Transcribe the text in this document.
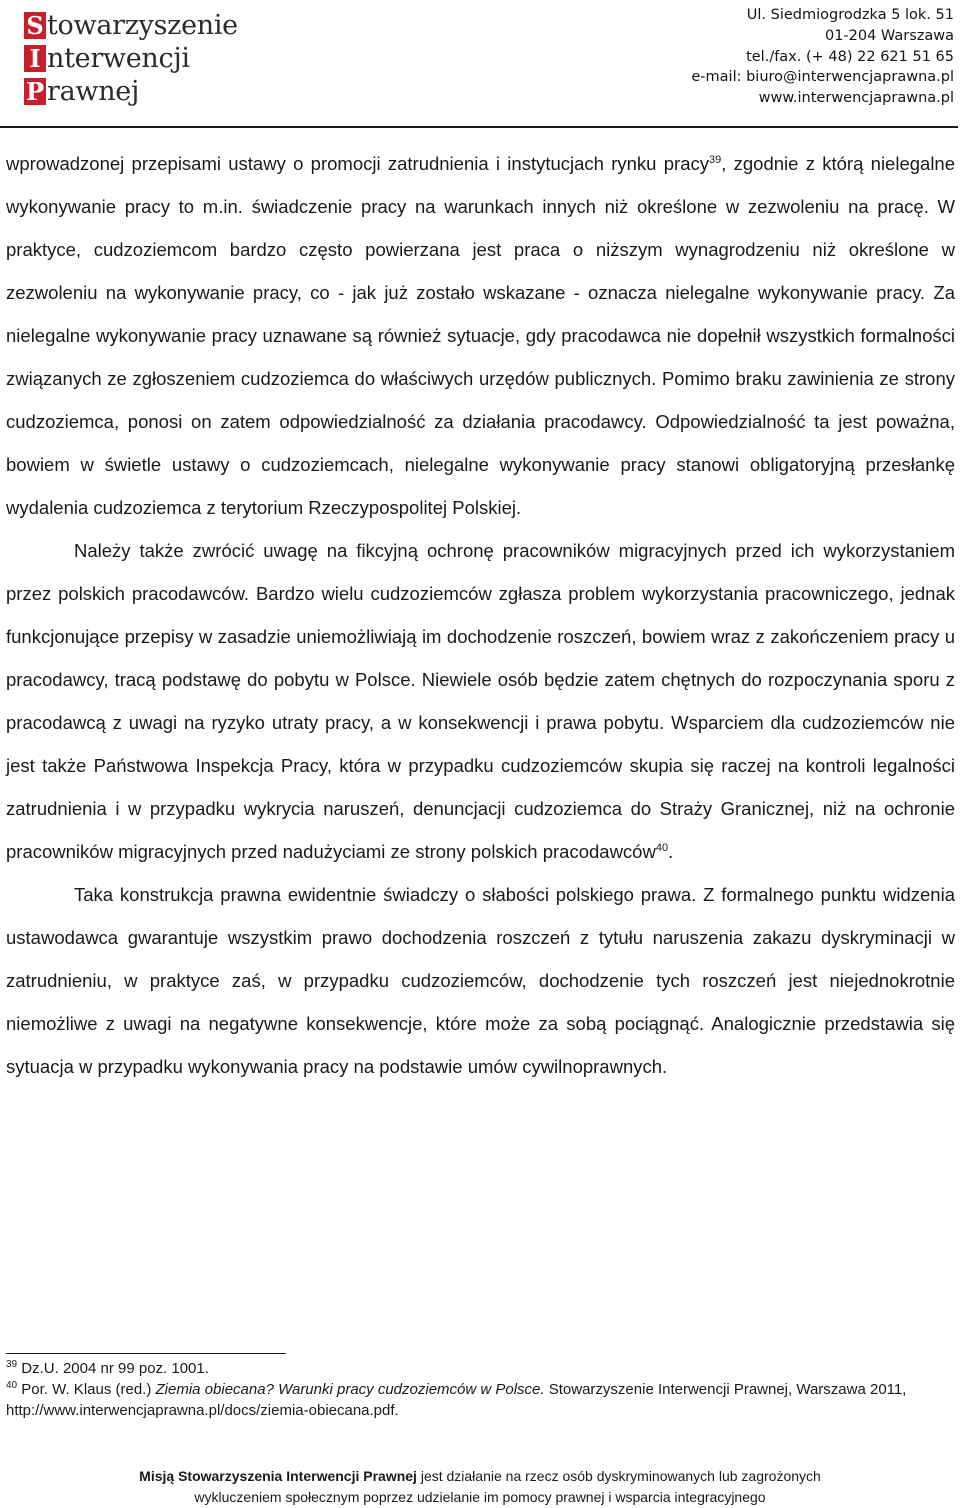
S towarzyszenie
I nterwencji
P rawnej
Ul. Siedmiogrodzka 5 lok. 51
01-204 Warszawa
tel./fax. (+ 48) 22 621 51 65
e-mail: biuro@interwencjaprawna.pl
www.interwencjaprawna.pl

wprowadzonej przepisami ustawy o promocji zatrudnienia i instytucjach rynku pracy$^{39}$, zgodnie z którą nielegalne wykonywanie pracy to m.in. świadczenie pracy na warunkach innych niż określone w zezwoleniu na pracę. W praktyce, cudzoziemcom bardzo często powierzana jest praca o niższym wynagrodzeniu niż określone w zezwoleniu na wykonywanie pracy, co - jak już zostało wskazane - oznacza nielegalne wykonywanie pracy. Za nielegalne wykonywanie pracy uznawane są również sytuacje, gdy pracodawca nie dopełnił wszystkich formalności związanych ze zgłoszeniem cudzoziemca do właściwych urzędów publicznych. Pomimo braku zawinienia ze strony cudzoziemca, ponosi on zatem odpowiedzialność za działania pracodawcy. Odpowiedzialność ta jest poważna, bowiem w świetle ustawy o cudzoziemcach, nielegalne wykonywanie pracy stanowi obligatoryjną przesłankę wydalenia cudzoziemca z terytorium Rzeczypospolitej Polskiej.

Należy także zwrócić uwagę na fikcyjną ochronę pracowników migracyjnych przed ich wykorzystaniem przez polskich pracodawców. Bardzo wielu cudzoziemców zgłasza problem wykorzystania pracowniczego, jednak funkcjonujące przepisy w zasadzie uniemożliwiają im dochodzenie roszczeń, bowiem wraz z zakończeniem pracy u pracodawcy, tracą podstawę do pobytu w Polsce. Niewiele osób będzie zatem chętnych do rozpoczynania sporu z pracodawcą z uwagi na ryzyko utraty pracy, a w konsekwencji i prawa pobytu. Wsparciem dla cudzoziemców nie jest także Państwowa Inspekcja Pracy, która w przypadku cudzoziemców skupia się raczej na kontroli legalności zatrudnienia i w przypadku wykrycia naruszeń, denuncjacji cudzoziemca do Straży Granicznej, niż na ochronie pracowników migracyjnych przed nadużyciami ze strony polskich pracodawców$^{40}$.

Taka konstrukcja prawna ewidentnie świadczy o słabości polskiego prawa. Z formalnego punktu widzenia ustawodawca gwarantuje wszystkim prawo dochodzenia roszczeń z tytułu naruszenia zakazu dyskryminacji w zatrudnieniu, w praktyce zaś, w przypadku cudzoziemców, dochodzenie tych roszczeń jest niejednokrotnie niemożliwe z uwagi na negatywne konsekwencje, które może za sobą pociągnąć. Analogicznie przedstawia się sytuacja w przypadku wykonywania pracy na podstawie umów cywilnoprawnych.

$^{39}$ Dz.U. 2004 nr 99 poz. 1001.

$^{40}$ Por. W. Klaus (red.) Ziemia obiecana? Warunki pracy cudzoziemców w Polsce. Stowarzyszenie Interwencji Prawnej, Warszawa 2011, http://www.interwencjaprawna.pl/docs/ziemia-obiecana.pdf.

Misją Stowarzyszenia Interwencji Prawnej jest działanie na rzecz osób dyskryminowanych lub zagrożonych
wykluczeniem społecznym poprzez udzielanie im pomocy prawnej i wsparcia integracyjnego
